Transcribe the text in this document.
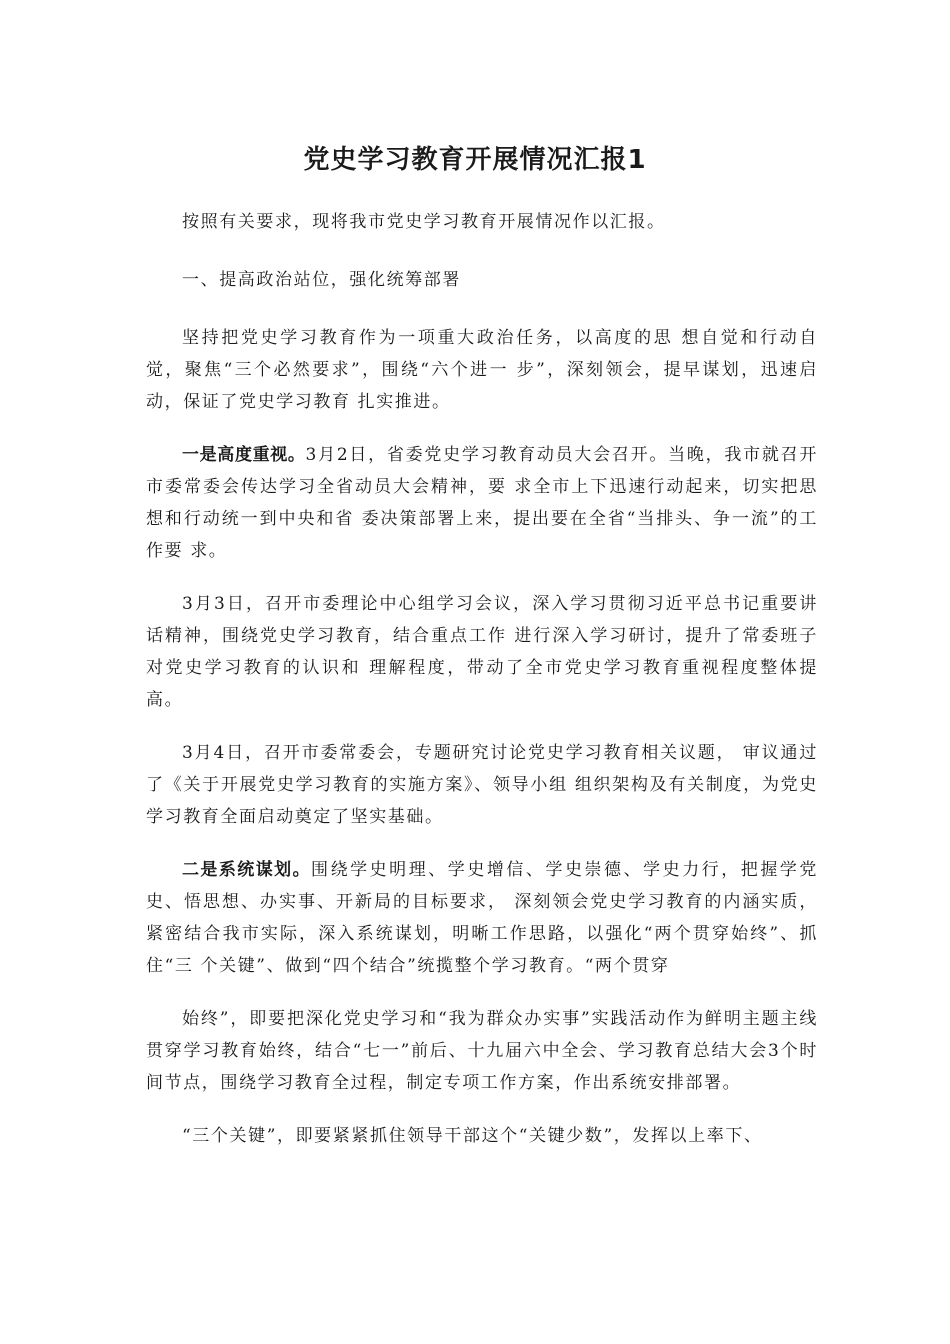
党史学习教育开展情况汇报1

按照有关要求，现将我市党史学习教育开展情况作以汇报。

一、提高政治站位，强化统筹部署

坚持把党史学习教育作为一项重大政治任务，以高度的思 想自觉和行动自觉，聚焦“三个必然要求”，围绕“六个进一 步”，深刻领会，提早谋划，迅速启动，保证了党史学习教育 扎实推进。

一是高度重视。3月2日，省委党史学习教育动员大会召开。当晚，我市就召开市委常委会传达学习全省动员大会精神，要 求全市上下迅速行动起来，切实把思想和行动统一到中央和省 委决策部署上来，提出要在全省“当排头、争一流”的工作要 求。

3月3日，召开市委理论中心组学习会议，深入学习贯彻习近平总书记重要讲话精神，围绕党史学习教育，结合重点工作 进行深入学习研讨，提升了常委班子对党史学习教育的认识和 理解程度，带动了全市党史学习教育重视程度整体提高。

3月4日，召开市委常委会，专题研究讨论党史学习教育相关议题， 审议通过了《关于开展党史学习教育的实施方案》、领导小组 组织架构及有关制度，为党史学习教育全面启动奠定了坚实基础。

二是系统谋划。围绕学史明理、学史增信、学史崇德、学史力行，把握学党史、悟思想、办实事、开新局的目标要求， 深刻领会党史学习教育的内涵实质，紧密结合我市实际，深入系统谋划，明晰工作思路，以强化“两个贯穿始终”、抓住“三 个关键”、做到“四个结合”统揽整个学习教育。“两个贯穿

始终”，即要把深化党史学习和“我为群众办实事”实践活动作为鲜明主题主线贯穿学习教育始终，结合“七一”前后、十九届六中全会、学习教育总结大会3个时间节点，围绕学习教育全过程，制定专项工作方案，作出系统安排部署。

“三个关键”，即要紧紧抓住领导干部这个“关键少数”，发挥以上率下、
